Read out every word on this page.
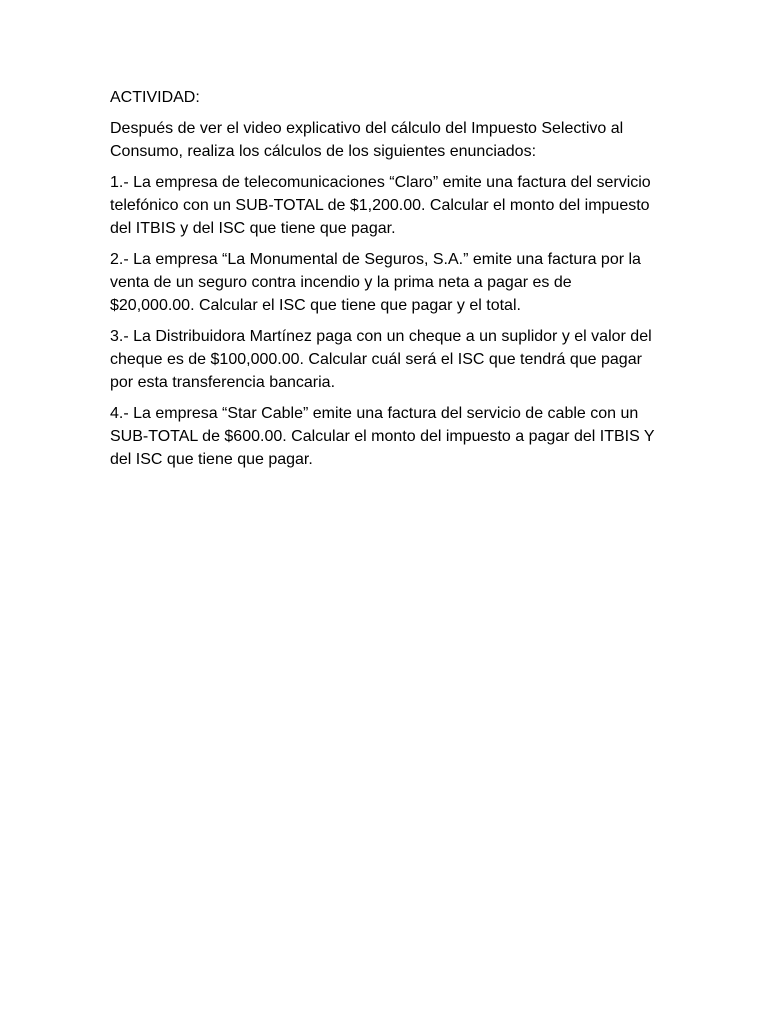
ACTIVIDAD:

Después de ver el video explicativo del cálculo del Impuesto Selectivo al Consumo, realiza los cálculos de los siguientes enunciados:

1.- La empresa de telecomunicaciones “Claro” emite una factura del servicio telefónico con un SUB-TOTAL de $1,200.00. Calcular el monto del impuesto del ITBIS y del ISC que tiene que pagar.

2.- La empresa “La Monumental de Seguros, S.A.” emite una factura por la venta de un seguro contra incendio y la prima neta a pagar es de $20,000.00. Calcular el ISC que tiene que pagar y el total.

3.- La Distribuidora Martínez paga con un cheque a un suplidor y el valor del cheque es de $100,000.00. Calcular cuál será el ISC que tendrá que pagar por esta transferencia bancaria.

4.- La empresa “Star Cable” emite una factura del servicio de cable con un SUB-TOTAL de $600.00. Calcular el monto del impuesto a pagar del ITBIS Y del ISC que tiene que pagar.
